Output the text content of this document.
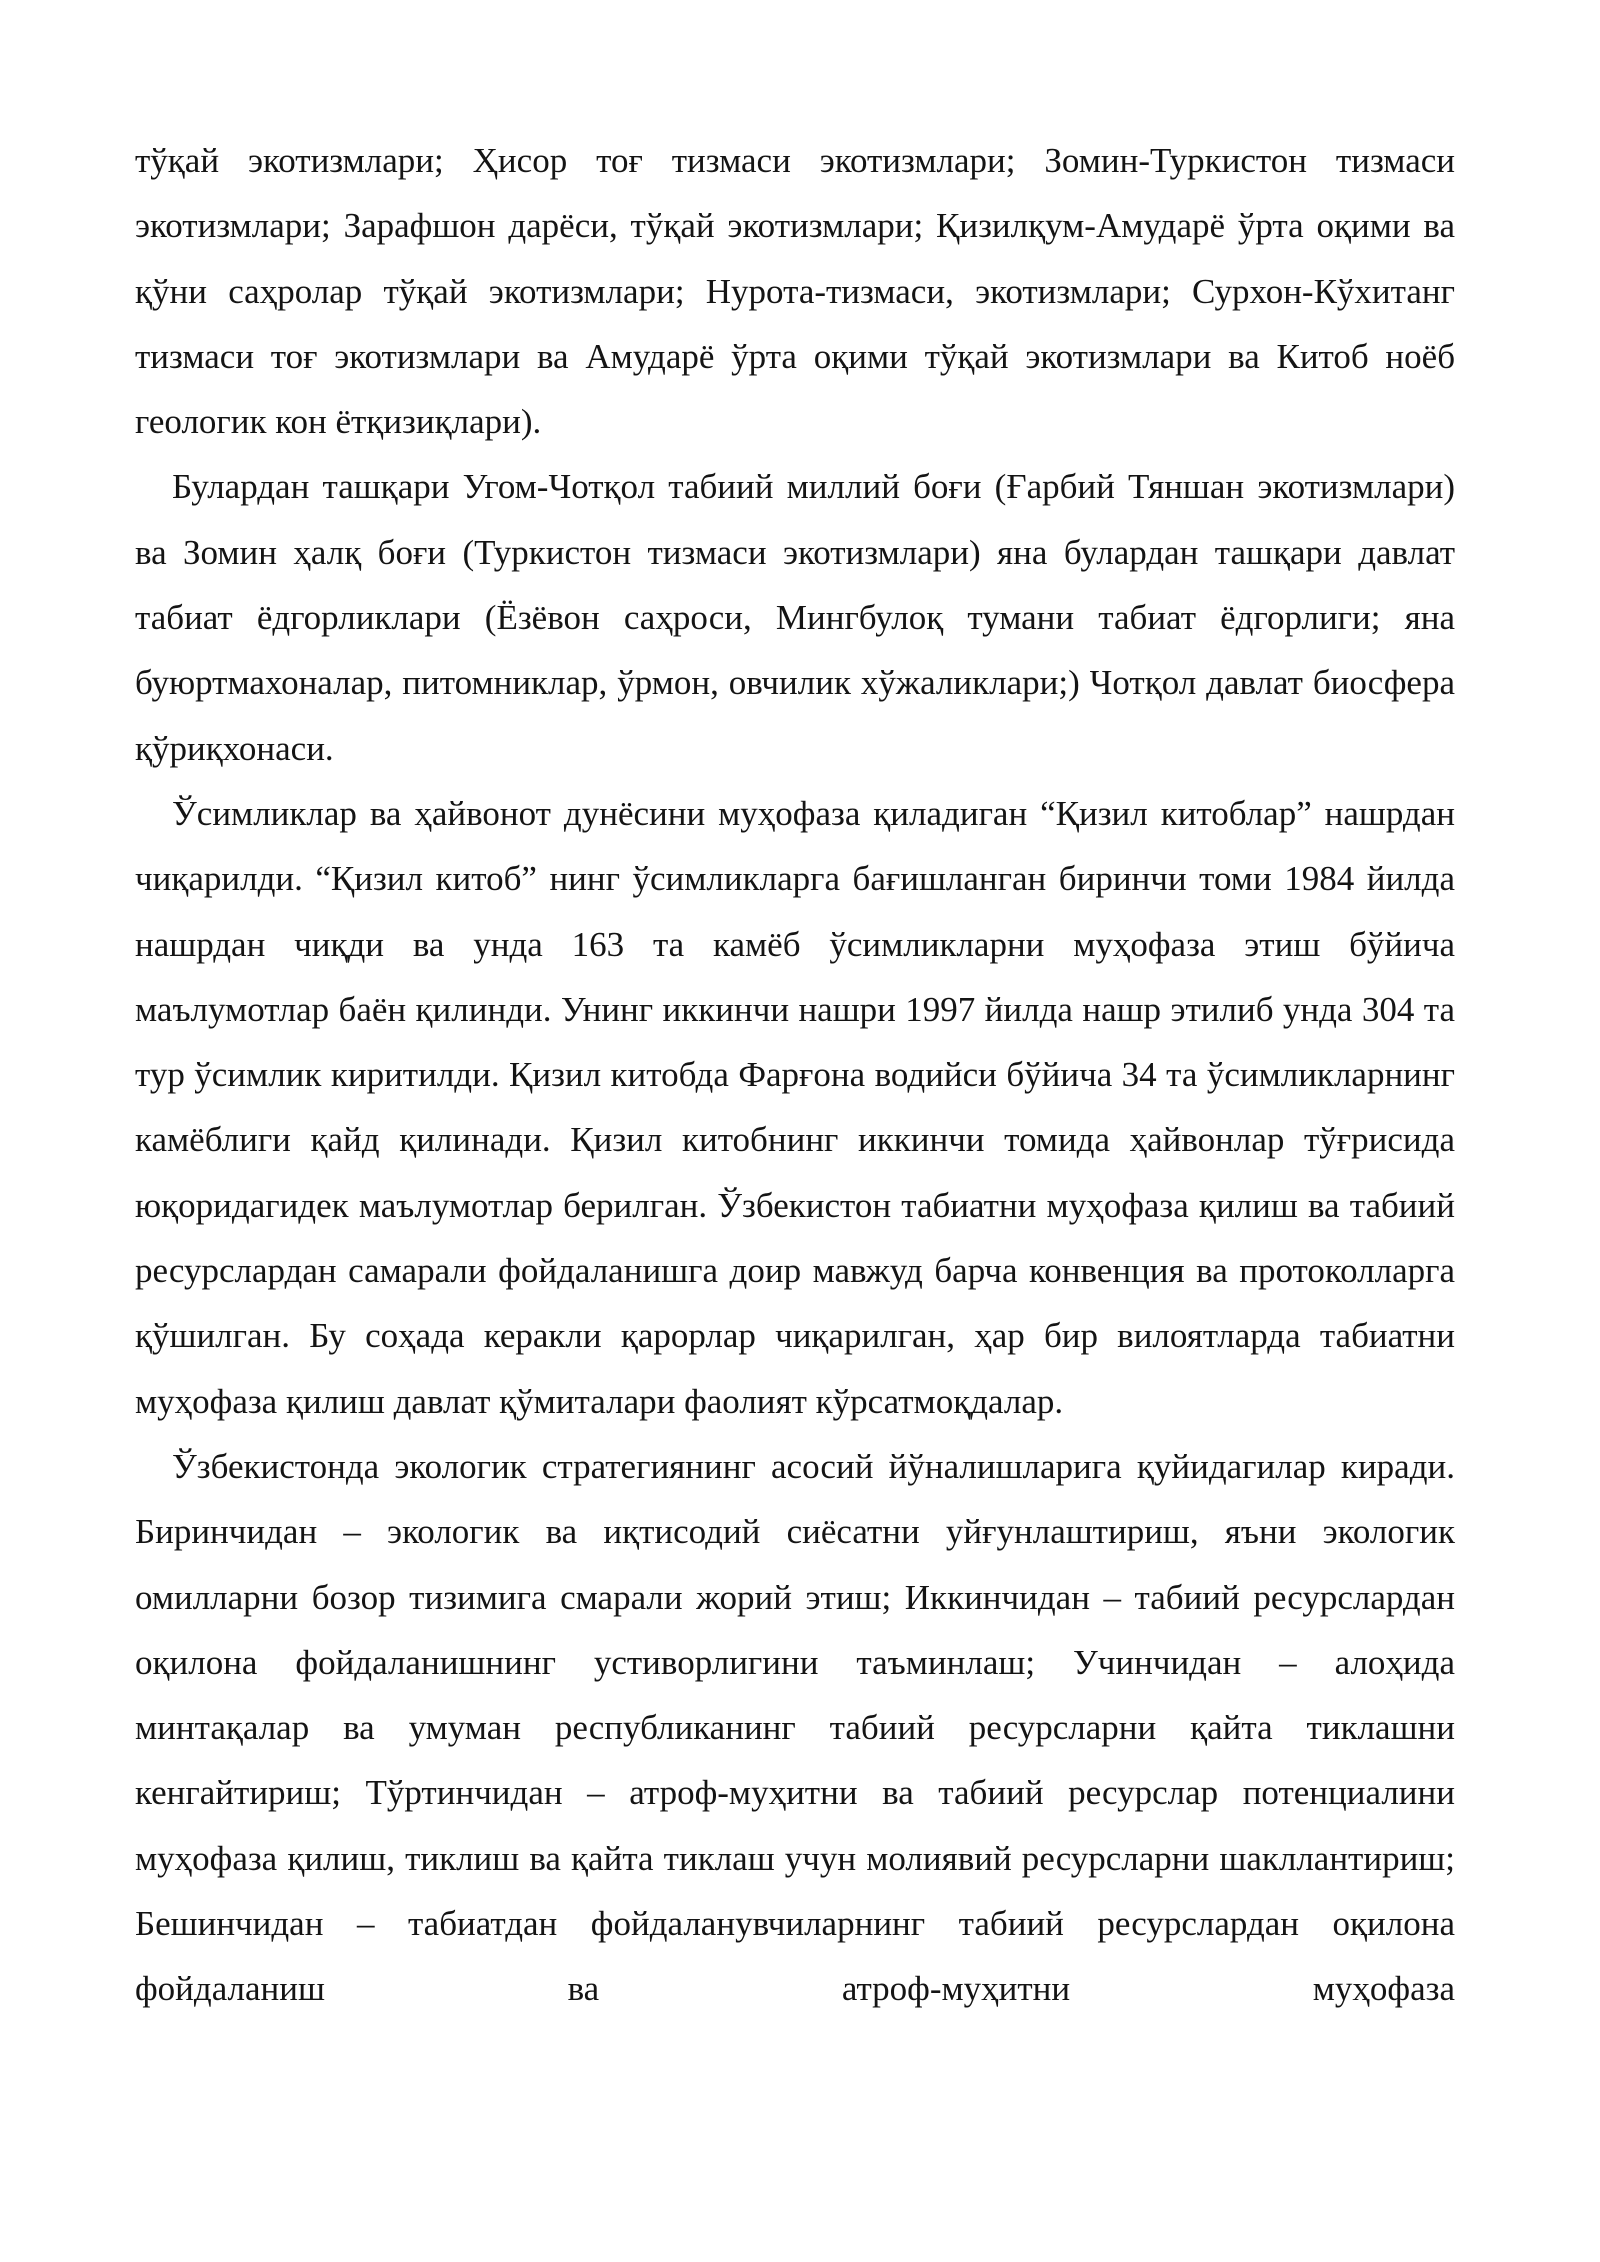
тўқай экотизмлари; Ҳисор тоғ тизмаси экотизмлари; Зомин-Туркистон тизмаси экотизмлари; Зарафшон дарёси, тўқай экотизмлари; Қизилқум-Амударё ўрта оқими ва қўни саҳролар тўқай экотизмлари; Нурота-тизмаси, экотизмлари; Сурхон-Кўхитанг тизмаси тоғ экотизмлари ва Амударё ўрта оқими тўқай экотизмлари ва Китоб ноёб геологик кон ётқизиқлари).

Булардан ташқари Угом-Чотқол табиий миллий боғи (Ғарбий Тяншан экотизмлари) ва Зомин ҳалқ боғи (Туркистон тизмаси экотизмлари) яна булардан ташқари давлат табиат ёдгорликлари (Ёзёвон саҳроси, Мингбулоқ тумани табиат ёдгорлиги; яна буюртмахоналар, питомниклар, ўрмон, овчилик хўжаликлари;) Чотқол давлат биосфера қўриқхонаси.

Ўсимликлар ва ҳайвонот дунёсини муҳофаза қиладиган “Қизил китоблар” нашрдан чиқарилди. “Қизил китоб” нинг ўсимликларга бағишланган биринчи томи 1984 йилда нашрдан чиқди ва унда 163 та камёб ўсимликларни муҳофаза этиш бўйича маълумотлар баён қилинди. Унинг иккинчи нашри 1997 йилда нашр этилиб унда 304 та тур ўсимлик киритилди. Қизил китобда Фарғона водийси бўйича 34 та ўсимликларнинг камёблиги қайд қилинади. Қизил китобнинг иккинчи томида ҳайвонлар тўғрисида юқоридагидек маълумотлар берилган. Ўзбекистон табиатни муҳофаза қилиш ва табиий ресурслардан самарали фойдаланишга доир мавжуд барча конвенция ва протоколларга қўшилган. Бу соҳада керакли қарорлар чиқарилган, ҳар бир вилоятларда табиатни муҳофаза қилиш давлат қўмиталари фаолият кўрсатмоқдалар.

Ўзбекистонда экологик стратегиянинг асосий йўналишларига қуйидагилар киради. Биринчидан – экологик ва иқтисодий сиёсатни уйғунлаштириш, яъни экологик омилларни бозор тизимига смарали жорий этиш; Иккинчидан – табиий ресурслардан оқилона фойдаланишнинг устиворлигини таъминлаш; Учинчидан – алоҳида минтақалар ва умуман республиканинг табиий ресурсларни қайта тиклашни кенгайтириш; Тўртинчидан – атроф-муҳитни ва табиий ресурслар потенциалини муҳофаза қилиш, тиклиш ва қайта тиклаш учун молиявий ресурсларни шакллантириш; Бешинчидан – табиатдан фойдаланувчиларнинг табиий ресурслардан оқилона фойдаланиш ва атроф-муҳитни муҳофаза
